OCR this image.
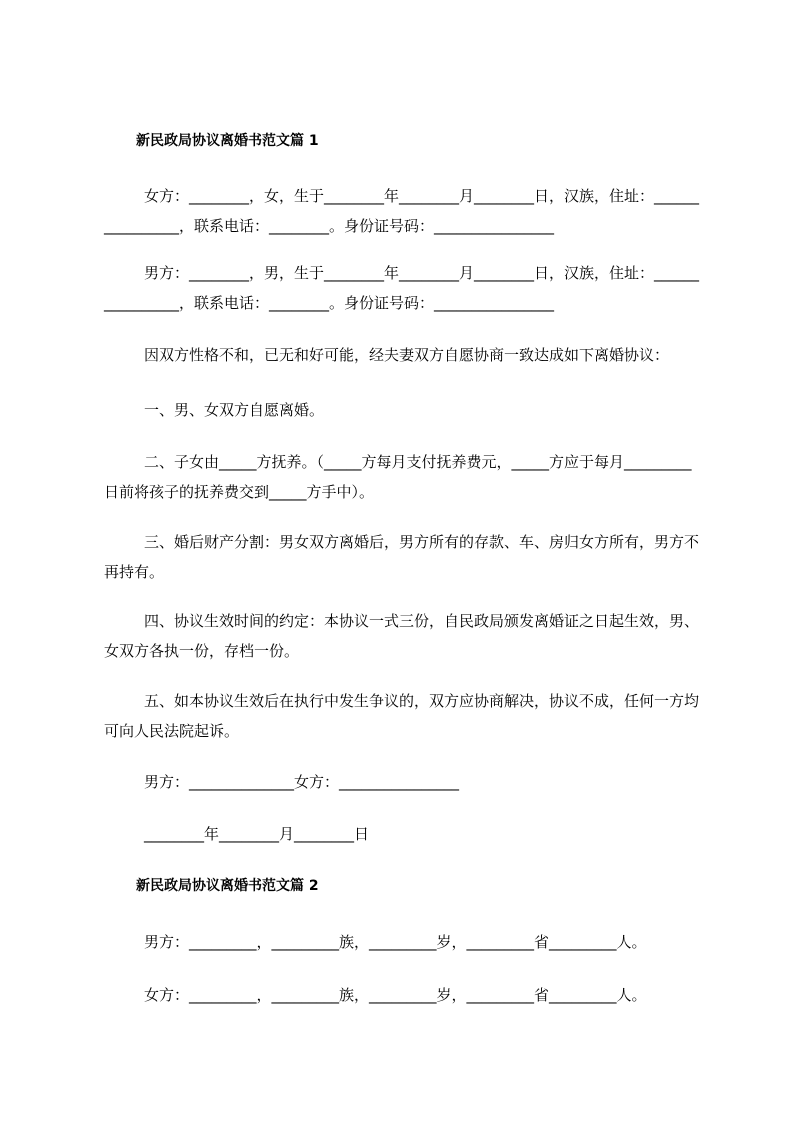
新民政局协议离婚书范文篇 1
女方：________，女，生于________年________月________日，汉族，住址：________________，联系电话：________。身份证号码：________________
男方：________，男，生于________年________月________日，汉族，住址：________________，联系电话：________。身份证号码：________________
因双方性格不和，已无和好可能，经夫妻双方自愿协商一致达成如下离婚协议：
一、男、女双方自愿离婚。
二、子女由_____方抚养。（_____方每月支付抚养费元，_____方应于每月_________日前将孩子的抚养费交到_____方手中）。
三、婚后财产分割：男女双方离婚后，男方所有的存款、车、房归女方所有，男方不再持有。
四、协议生效时间的约定：本协议一式三份，自民政局颁发离婚证之日起生效，男、女双方各执一份，存档一份。
五、如本协议生效后在执行中发生争议的，双方应协商解决，协议不成，任何一方均可向人民法院起诉。
男方：______________女方：________________
________年________月________日
新民政局协议离婚书范文篇 2
男方：_________，_________族，_________岁，_________省_________人。
女方：_________，_________族，_________岁，_________省_________人。
